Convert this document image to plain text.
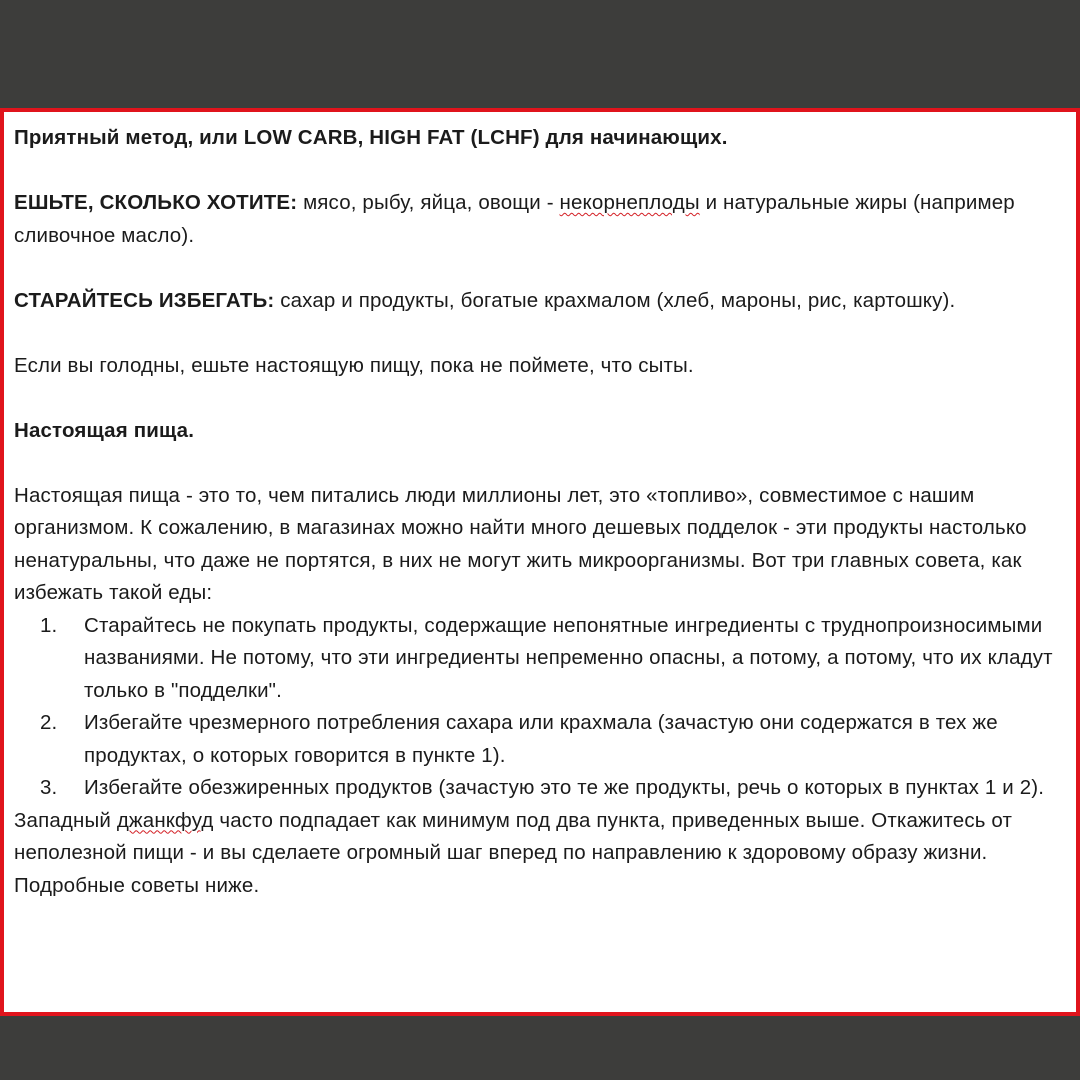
Приятный метод, или LOW CARB, HIGH FAT (LCHF) для начинающих.

ЕШЬТЕ, СКОЛЬКО ХОТИТЕ: мясо, рыбу, яйца, овощи - некорнеплоды и натуральные жиры (например сливочное масло).

СТАРАЙТЕСЬ ИЗБЕГАТЬ: сахар и продукты, богатые крахмалом (хлеб, мароны, рис, картошку).

Если вы голодны, ешьте настоящую пищу, пока не поймете, что сыты.

Настоящая пища.

Настоящая пища - это то, чем питались люди миллионы лет, это «топливо», совместимое с нашим организмом. К сожалению, в магазинах можно найти много дешевых подделок - эти продукты настолько ненатуральны, что даже не портятся, в них не могут жить микроорганизмы. Вот три главных совета, как избежать такой еды:

1.	Старайтесь не покупать продукты, содержащие непонятные ингредиенты с труднопроизносимыми названиями. Не потому, что эти ингредиенты непременно опасны, а потому, а потому, что их кладут только в "подделки".
2.	Избегайте чрезмерного потребления сахара или крахмала (зачастую они содержатся в тех же продуктах, о которых говорится в пункте 1).
3.	Избегайте обезжиренных продуктов (зачастую это те же продукты, речь о которых в пунктах 1 и 2).

Западный джанкфуд часто подпадает как минимум под два пункта, приведенных выше. Откажитесь от неполезной пищи - и вы сделаете огромный шаг вперед по направлению к здоровому образу жизни. Подробные советы ниже.
